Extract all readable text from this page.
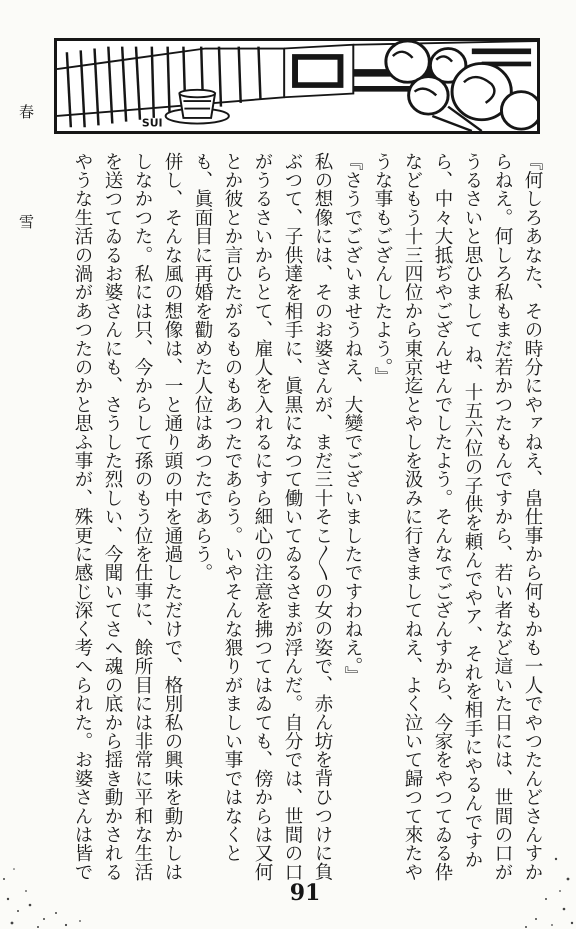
SUI
春
雪	『何しろあなた、その時分にやァねえ、畠仕事から何もかも一人でやつたんどさんすからねえ。何しろ私もまだ若かつたもんですから、若い者など這いた日には、世間の口がうるさいと思ひまして ね、十五六位の子供を頼んでやア、それを相手にやるんですから、中々大抵ぢやござんせんでしたよう。そんなでござんすから、今家をやつてゐる伜などもう十三四位から東京迄とやしを汲みに行きましてねえ、よく泣いて歸つて來たやうな事もござんしたよう。』

『さうでございませうねえ、大變でございましたですわねえ。』

私の想像には、そのお婆さんが、まだ三十そこ〳〵の女の姿で、赤ん坊を背ひつけに負ぶつて、子供達を相手に、眞黒になつて働いてゐるさまが浮んだ。自分では、世間の口がうるさいからとて、雇人を入れるにすら細心の注意を拂つてはゐても、傍からは又何とか彼とか言ひたがるものもあつたであらう。いやそんな猥りがましい事ではなくとも、眞面目に再婚を勸めた人位はあつたであらう。

併し、そんな風の想像は、一と通り頭の中を通過しただけで、格別私の興味を動かしはしなかつた。私には只、今からして孫のもう位を仕事に、餘所目には非常に平和な生活を送つてゐるお婆さんにも、さうした烈しい、今聞いてさへ魂の底から揺き動かされるやうな生活の渦があつたのかと思ふ事が、殊更に感じ深く考へられた。お婆さんは皆で

91
